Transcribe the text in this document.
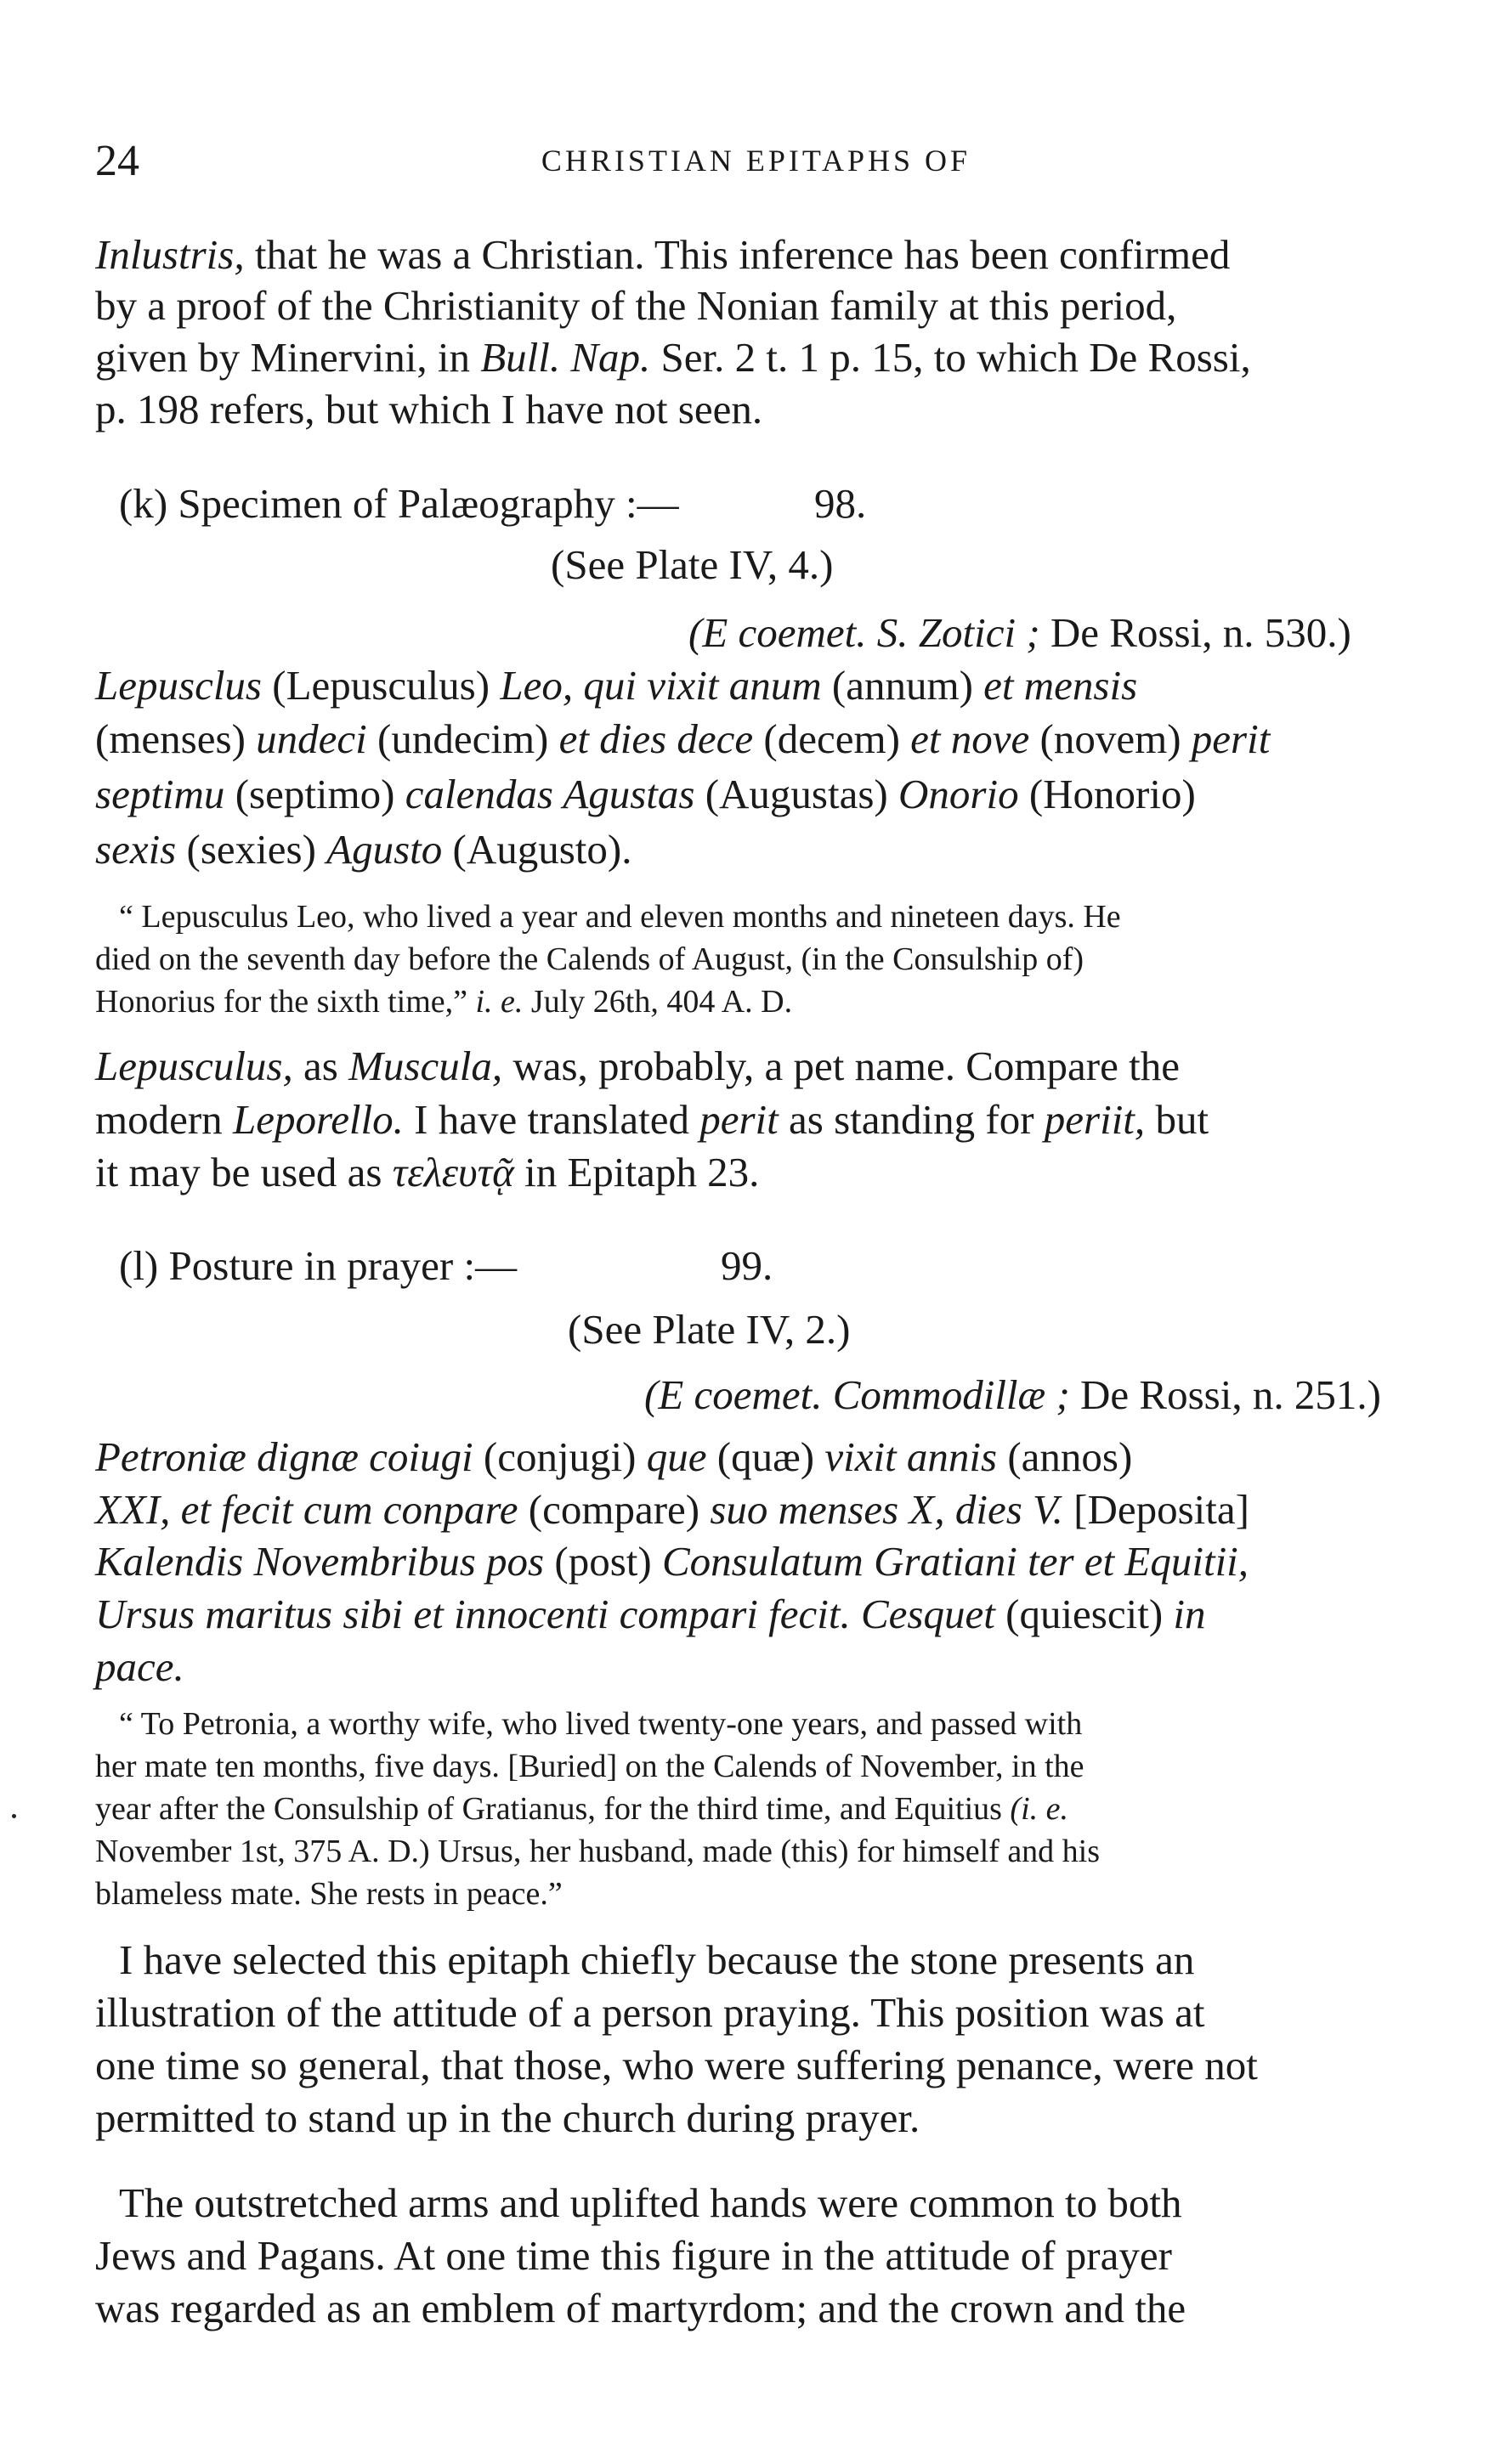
24	CHRISTIAN EPITAPHS OF
Inlustris, that he was a Christian. This inference has been confirmed
by a proof of the Christianity of the Nonian family at this period,
given by Minervini, in Bull. Nap. Ser. 2 t. 1 p. 15, to which De Rossi,
p. 198 refers, but which I have not seen.
(k) Specimen of Palæography :—	98.
(See Plate IV, 4.)
(E coemet. S. Zotici ; De Rossi, n. 530.)
Lepusclus (Lepusculus) Leo, qui vixit anum (annum) et mensis
(menses) undeci (undecim) et dies dece (decem) et nove (novem) perit
septimu (septimo) calendas Agustas (Augustas) Onorio (Honorio)
sexis (sexies) Agusto (Augusto).
“ Lepusculus Leo, who lived a year and eleven months and nineteen days. He
died on the seventh day before the Calends of August, (in the Consulship of)
Honorius for the sixth time,” i. e. July 26th, 404 A. D.
Lepusculus, as Muscula, was, probably, a pet name. Compare the
modern Leporello. I have translated perit as standing for periit, but
it may be used as τελευτᾷ in Epitaph 23.
(l) Posture in prayer :—	99.
(See Plate IV, 2.)
(E coemet. Commodillæ ; De Rossi, n. 251.)
Petroniæ dignæ coiugi (conjugi) que (quæ) vixit annis (annos)
XXI, et fecit cum conpare (compare) suo menses X, dies V. [Deposita]
Kalendis Novembribus pos (post) Consulatum Gratiani ter et Equitii,
Ursus maritus sibi et innocenti compari fecit. Cesquet (quiescit) in
pace.
“ To Petronia, a worthy wife, who lived twenty-one years, and passed with
her mate ten months, five days. [Buried] on the Calends of November, in the
year after the Consulship of Gratianus, for the third time, and Equitius (i. e.
November 1st, 375 A. D.) Ursus, her husband, made (this) for himself and his
blameless mate. She rests in peace.”
I have selected this epitaph chiefly because the stone presents an
illustration of the attitude of a person praying. This position was at
one time so general, that those, who were suffering penance, were not
permitted to stand up in the church during prayer.
The outstretched arms and uplifted hands were common to both
Jews and Pagans. At one time this figure in the attitude of prayer
was regarded as an emblem of martyrdom; and the crown and the
